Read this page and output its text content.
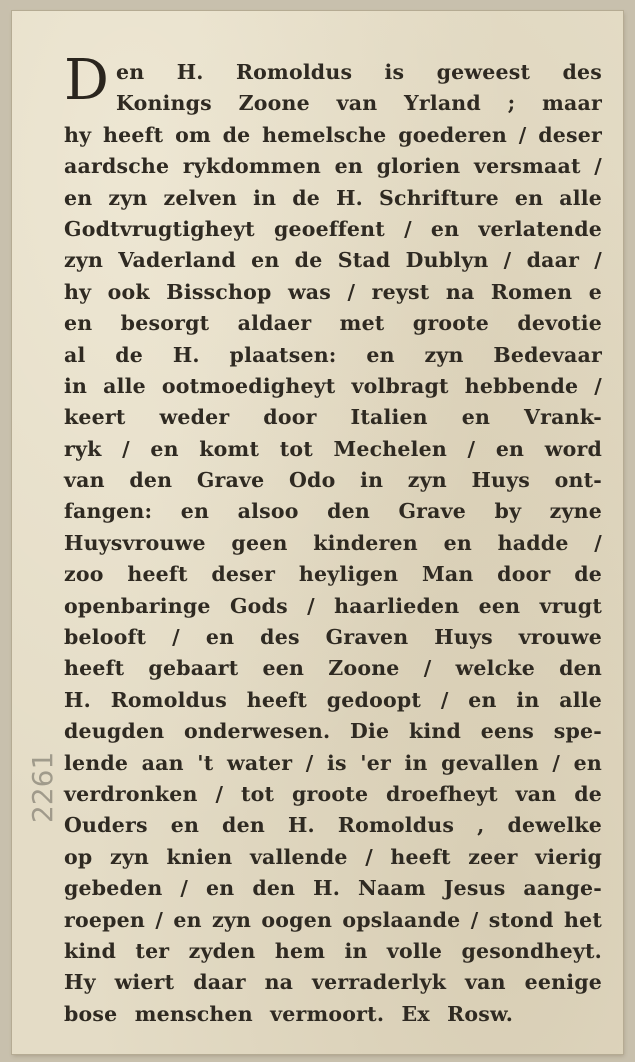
D en H. Romoldus is geweest des
Konings Zoone van Yrland ; maar
hy heeft om de hemelsche goederen / deser
aardsche rykdommen en glorien versmaat /
en zyn zelven in de H. Schrifture en alle
Godtvrugtigheyt geoeffent / en verlatende
zyn Vaderland en de Stad Dublyn / daar /
hy ook Bisschop was / reyst na Romen e
en besorgt aldaer met groote devotie
al de H. plaatsen: en zyn Bedevaar
in alle ootmoedigheyt volbragt hebbende /
keert weder door Italien en Vrank-
ryk / en komt tot Mechelen / en word
van den Grave Odo in zyn Huys ont-
fangen: en alsoo den Grave by zyne
Huysvrouwe geen kinderen en hadde /
zoo heeft deser heyligen Man door de
openbaringe Gods / haarlieden een vrugt
belooft / en des Graven Huys vrouwe
heeft gebaart een Zoone / welcke den
H. Romoldus heeft gedoopt / en in alle
deugden onderwesen. Die kind eens spe-
lende aan 't water / is 'er in gevallen / en
verdronken / tot groote droefheyt van de
Ouders en den H. Romoldus , dewelke
op zyn knien vallende / heeft zeer vierig
gebeden / en den H. Naam Jesus aange-
roepen / en zyn oogen opslaande / stond het
kind ter zyden hem in volle gesondheyt.
Hy wiert daar na verraderlyk van eenige
bose menschen vermoort. Ex Rosw.
2261
